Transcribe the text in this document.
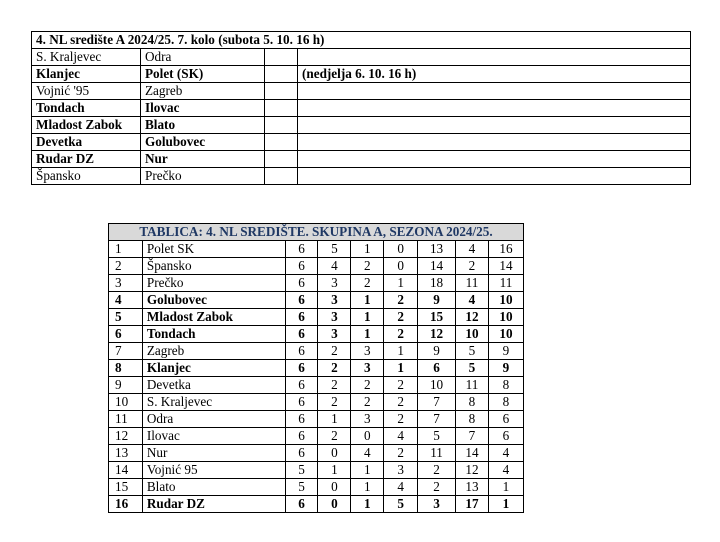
4. NL središte A 2024/25. 7. kolo (subota 5. 10. 16 h)			
S. Kraljevec	Odra		
Klanjec	Polet (SK)		(nedjelja 6. 10. 16 h)
Vojnić '95	Zagreb		
Tondach	Ilovac		
Mladost Zabok	Blato		
Devetka	Golubovec		
Rudar DZ	Nur		
Špansko	Prečko		
TABLICA: 4. NL SREDIŠTE. SKUPINA A, SEZONA 2024/25.								
1	Polet SK	6	5	1	0	13	4	16
2	Špansko	6	4	2	0	14	2	14
3	Prečko	6	3	2	1	18	11	11
4	Golubovec	6	3	1	2	9	4	10
5	Mladost Zabok	6	3	1	2	15	12	10
6	Tondach	6	3	1	2	12	10	10
7	Zagreb	6	2	3	1	9	5	9
8	Klanjec	6	2	3	1	6	5	9
9	Devetka	6	2	2	2	10	11	8
10	S. Kraljevec	6	2	2	2	7	8	8
11	Odra	6	1	3	2	7	8	6
12	Ilovac	6	2	0	4	5	7	6
13	Nur	6	0	4	2	11	14	4
14	Vojnić 95	5	1	1	3	2	12	4
15	Blato	5	0	1	4	2	13	1
16	Rudar DZ	6	0	1	5	3	17	1
